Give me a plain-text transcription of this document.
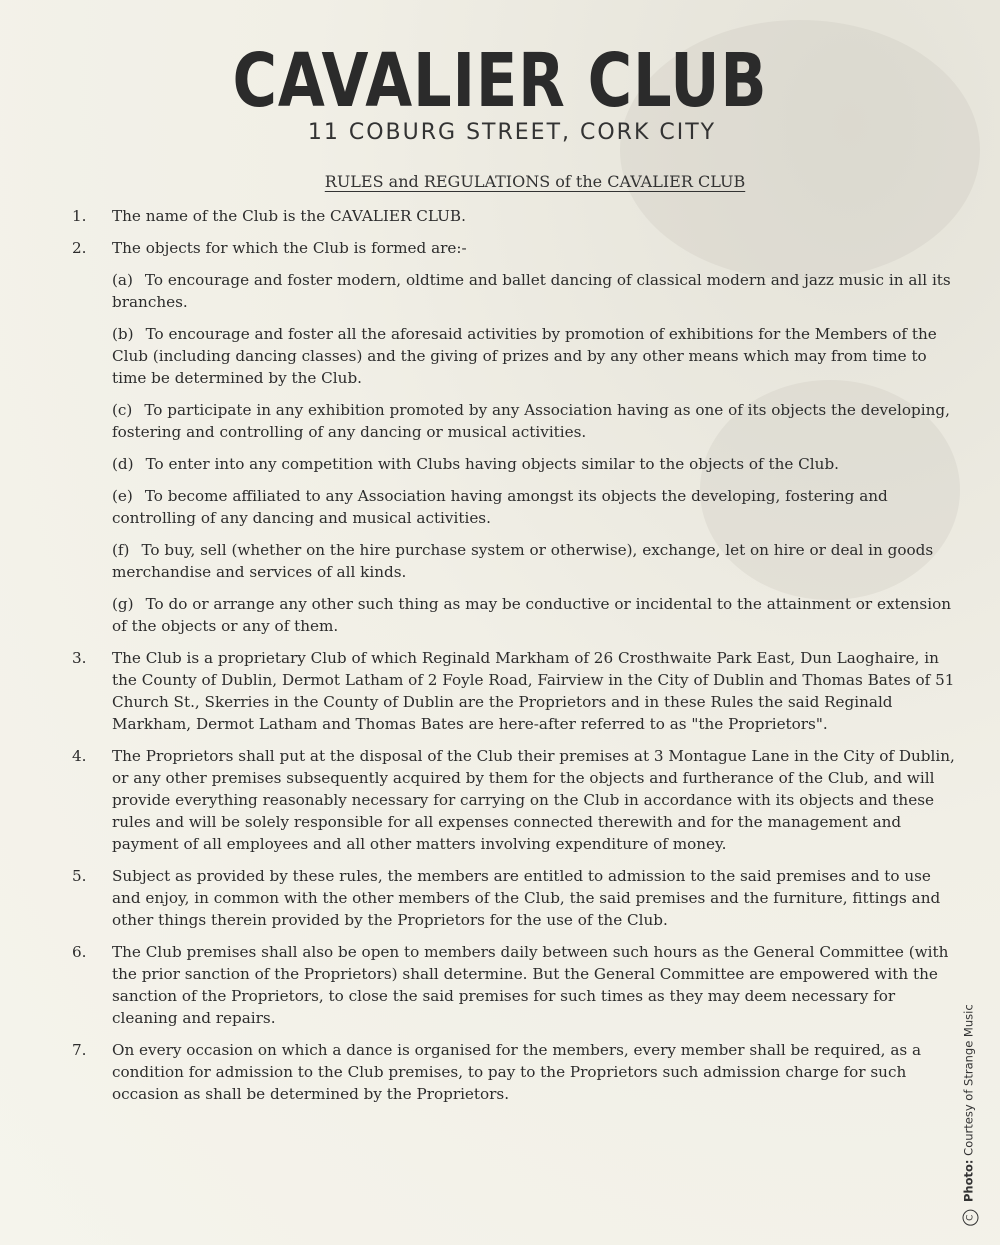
CAVALIER CLUB
11 COBURG STREET, CORK CITY
RULES and REGULATIONS of the CAVALIER CLUB
1.	The name of the Club is the CAVALIER CLUB.
2.	The objects for which the Club is formed are:-
(a) To encourage and foster modern, oldtime and ballet dancing of classical modern and jazz music in all its branches.
(b) To encourage and foster all the aforesaid activities by promotion of exhibitions for the Members of the Club (including dancing classes) and the giving of prizes and by any other means which may from time to time be determined by the Club.
(c) To participate in any exhibition promoted by any Association having as one of its objects the developing, fostering and controlling of any dancing or musical activities.
(d) To enter into any competition with Clubs having objects similar to the objects of the Club.
(e) To become affiliated to any Association having amongst its objects the developing, fostering and controlling of any dancing and musical activities.
(f) To buy, sell (whether on the hire purchase system or otherwise), exchange, let on hire or deal in goods merchandise and services of all kinds.
(g) To do or arrange any other such thing as may be conductive or incidental to the attainment or extension of the objects or any of them.
3.	The Club is a proprietary Club of which Reginald Markham of 26 Crosthwaite Park East, Dun Laoghaire, in the County of Dublin, Dermot Latham of 2 Foyle Road, Fairview in the City of Dublin and Thomas Bates of 51 Church St., Skerries in the County of Dublin are the Proprietors and in these Rules the said Reginald Markham, Dermot Latham and Thomas Bates are here-after referred to as "the Proprietors".
4.	The Proprietors shall put at the disposal of the Club their premises at 3 Montague Lane in the City of Dublin, or any other premises subsequently acquired by them for the objects and furtherance of the Club, and will provide everything reasonably necessary for carrying on the Club in accordance with its objects and these rules and will be solely responsible for all expenses connected therewith and for the management and payment of all employees and all other matters involving expenditure of money.
5.	Subject as provided by these rules, the members are entitled to admission to the said premises and to use and enjoy, in common with the other members of the Club, the said premises and the furniture, fittings and other things therein provided by the Proprietors for the use of the Club.
6.	The Club premises shall also be open to members daily between such hours as the General Committee (with the prior sanction of the Proprietors) shall determine. But the General Committee are empowered with the sanction of the Proprietors, to close the said premises for such times as they may deem necessary for cleaning and repairs.
7.	On every occasion on which a dance is organised for the members, every member shall be required, as a condition for admission to the Club premises, to pay to the Proprietors such admission charge for such occasion as shall be determined by the Proprietors.
C Photo: Courtesy of Strange Music
